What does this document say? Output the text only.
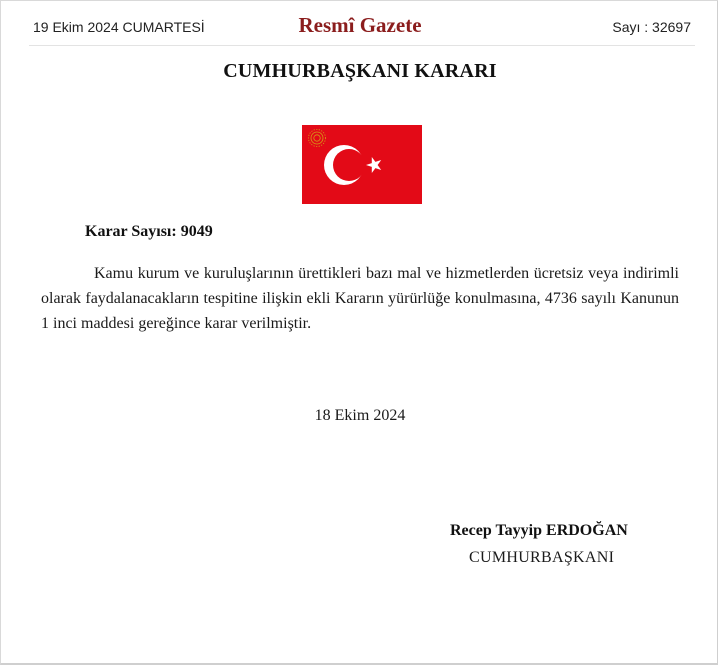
19 Ekim 2024 CUMARTESİ	Resmî Gazete	Sayı : 32697
CUMHURBAŞKANI KARARI
Karar Sayısı: 9049
Kamu kurum ve kuruluşlarının ürettikleri bazı mal ve hizmetlerden ücretsiz veya indirimli olarak faydalanacakların tespitine ilişkin ekli Kararın yürürlüğe konulmasına, 4736 sayılı Kanunun 1 inci maddesi gereğince karar verilmiştir.
18 Ekim 2024
Recep Tayyip ERDOĞAN
CUMHURBAŞKANI
